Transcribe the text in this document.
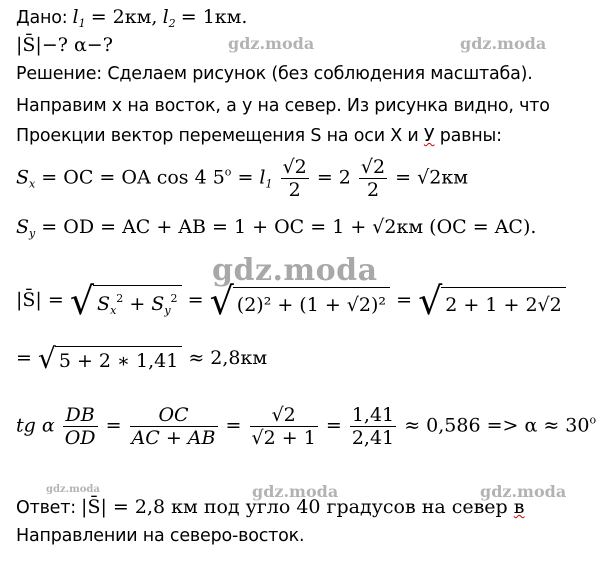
gdz.moda	gdz.moda
gdz.moda
gdz.moda	gdz.moda	gdz.moda
Дано: $l_1 = 2км$, $l_2 = 1км$.
|S̄|−? α−?
Решение: Сделаем рисунок (без соблюдения масштаба).
Направим x на восток, а y на север. Из рисунка видно, что
Проекции вектор перемещения S на оси X и У равны:
$S_x$ = OC = OA cos 4 $5^o = l_1 \frac{√2}{2} = 2 \frac{√2}{2} = √2км$
$S_y$ = OD = AC + AB = 1 + OC = 1 + √2км (OC = AC).
|S̄| = √ $S_x^2 + S_y^2$ = √ (2)² + (1 + √2)² = √ 2 + 1 + 2√2
= √ 5 + 2 ∗ 1,41 ≈ 2,8км
tg α $\frac{DB}{OD} = \frac{OC}{AC + AB} = \frac{√2}{√2 + 1} = \frac{1,41}{2,41} \approx 0,586 => \alpha \approx 30^o$
Ответ: |S̄| = 2,8 км под угло 40 градусов на север в
Направлении на северо-восток.
